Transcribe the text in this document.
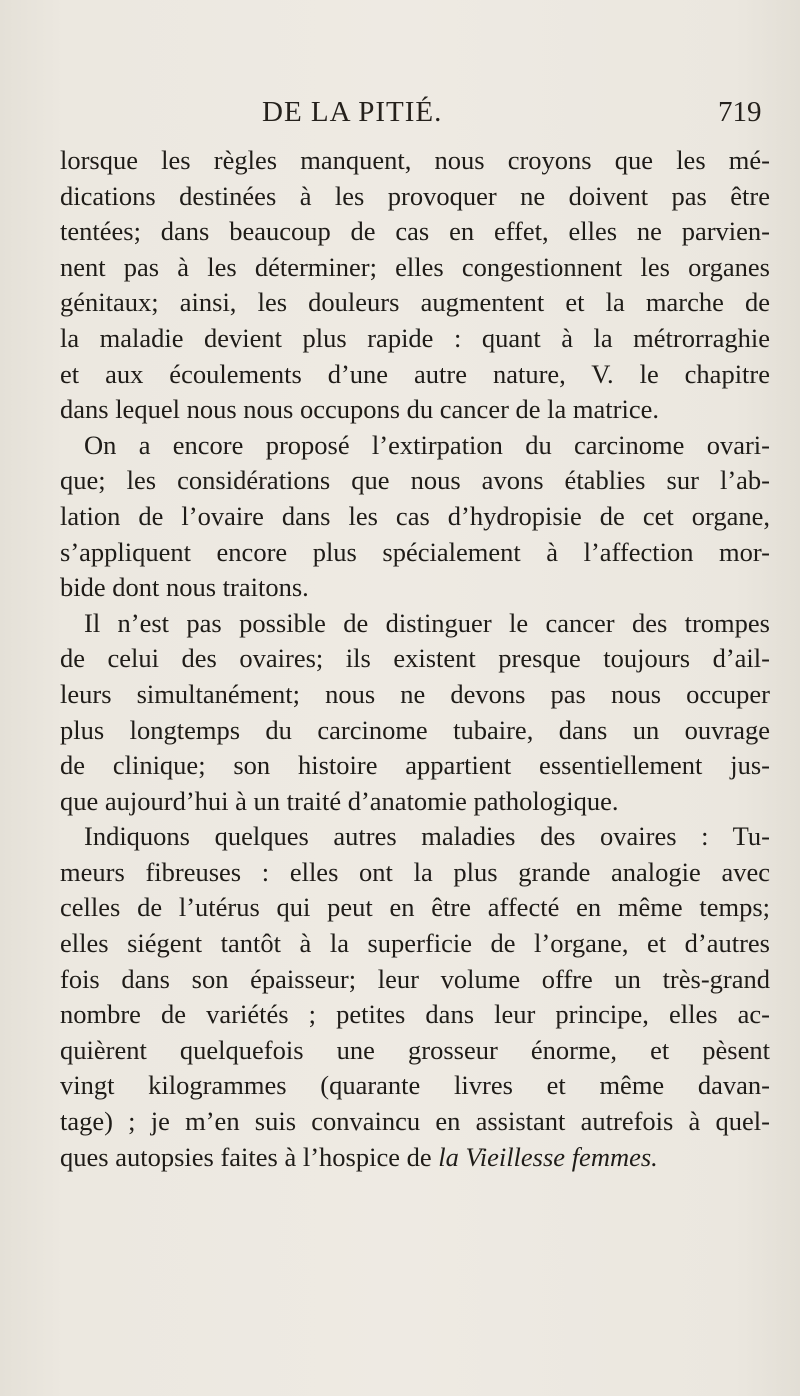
DE LA PITIÉ.	719
lorsque les règles manquent, nous croyons que les mé-
dications destinées à les provoquer ne doivent pas être
tentées; dans beaucoup de cas en effet, elles ne parvien-
nent pas à les déterminer; elles congestionnent les organes
génitaux; ainsi, les douleurs augmentent et la marche de
la maladie devient plus rapide : quant à la métrorraghie
et aux écoulements d’une autre nature, V. le chapitre
dans lequel nous nous occupons du cancer de la matrice.
On a encore proposé l’extirpation du carcinome ovari-
que; les considérations que nous avons établies sur l’ab-
lation de l’ovaire dans les cas d’hydropisie de cet organe,
s’appliquent encore plus spécialement à l’affection mor-
bide dont nous traitons.
Il n’est pas possible de distinguer le cancer des trompes
de celui des ovaires; ils existent presque toujours d’ail-
leurs simultanément; nous ne devons pas nous occuper
plus longtemps du carcinome tubaire, dans un ouvrage
de clinique; son histoire appartient essentiellement jus-
que aujourd’hui à un traité d’anatomie pathologique.
Indiquons quelques autres maladies des ovaires : Tu-
meurs fibreuses : elles ont la plus grande analogie avec
celles de l’utérus qui peut en être affecté en même temps;
elles siégent tantôt à la superficie de l’organe, et d’autres
fois dans son épaisseur; leur volume offre un très-grand
nombre de variétés ; petites dans leur principe, elles ac-
quièrent quelquefois une grosseur énorme, et pèsent
vingt kilogrammes (quarante livres et même davan-
tage) ; je m’en suis convaincu en assistant autrefois à quel-
ques autopsies faites à l’hospice de la Vieillesse femmes.
